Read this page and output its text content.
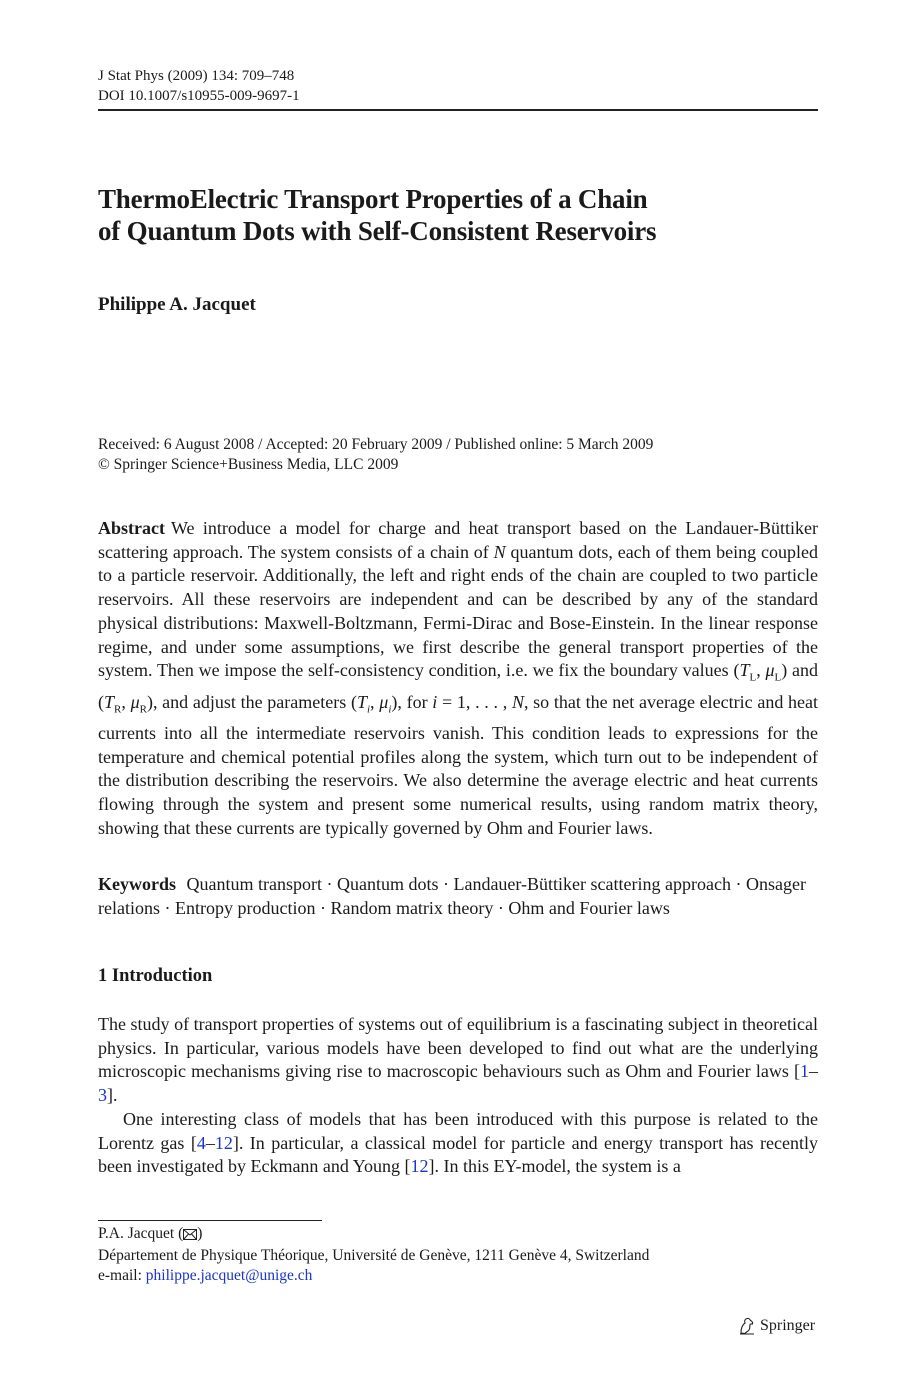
J Stat Phys (2009) 134: 709–748
DOI 10.1007/s10955-009-9697-1
ThermoElectric Transport Properties of a Chain
of Quantum Dots with Self-Consistent Reservoirs
Philippe A. Jacquet
Received: 6 August 2008 / Accepted: 20 February 2009 / Published online: 5 March 2009
© Springer Science+Business Media, LLC 2009
Abstract We introduce a model for charge and heat transport based on the Landauer-Büttiker scattering approach. The system consists of a chain of N quantum dots, each of them being coupled to a particle reservoir. Additionally, the left and right ends of the chain are coupled to two particle reservoirs. All these reservoirs are independent and can be described by any of the standard physical distributions: Maxwell-Boltzmann, Fermi-Dirac and Bose-Einstein. In the linear response regime, and under some assumptions, we first describe the general transport properties of the system. Then we impose the self-consistency condition, i.e. we fix the boundary values ($T_L$, $\mu_L$) and ($T_R$, $\mu_R$), and adjust the parameters ($T_i$, $\mu_i$), for i = 1, . . . , N, so that the net average electric and heat currents into all the intermediate reservoirs vanish. This condition leads to expressions for the temperature and chemical potential profiles along the system, which turn out to be independent of the distribution describing the reservoirs. We also determine the average electric and heat currents flowing through the system and present some numerical results, using random matrix theory, showing that these currents are typically governed by Ohm and Fourier laws.
Keywords Quantum transport · Quantum dots · Landauer-Büttiker scattering approach · Onsager relations · Entropy production · Random matrix theory · Ohm and Fourier laws
1 Introduction

The study of transport properties of systems out of equilibrium is a fascinating subject in theoretical physics. In particular, various models have been developed to find out what are the underlying microscopic mechanisms giving rise to macroscopic behaviours such as Ohm and Fourier laws [1–3].

One interesting class of models that has been introduced with this purpose is related to the Lorentz gas [4–12]. In particular, a classical model for particle and energy transport has recently been investigated by Eckmann and Young [12]. In this EY-model, the system is a

P.A. Jacquet ( )
Département de Physique Théorique, Université de Genève, 1211 Genève 4, Switzerland
e-mail: philippe.jacquet@unige.ch
Springer
